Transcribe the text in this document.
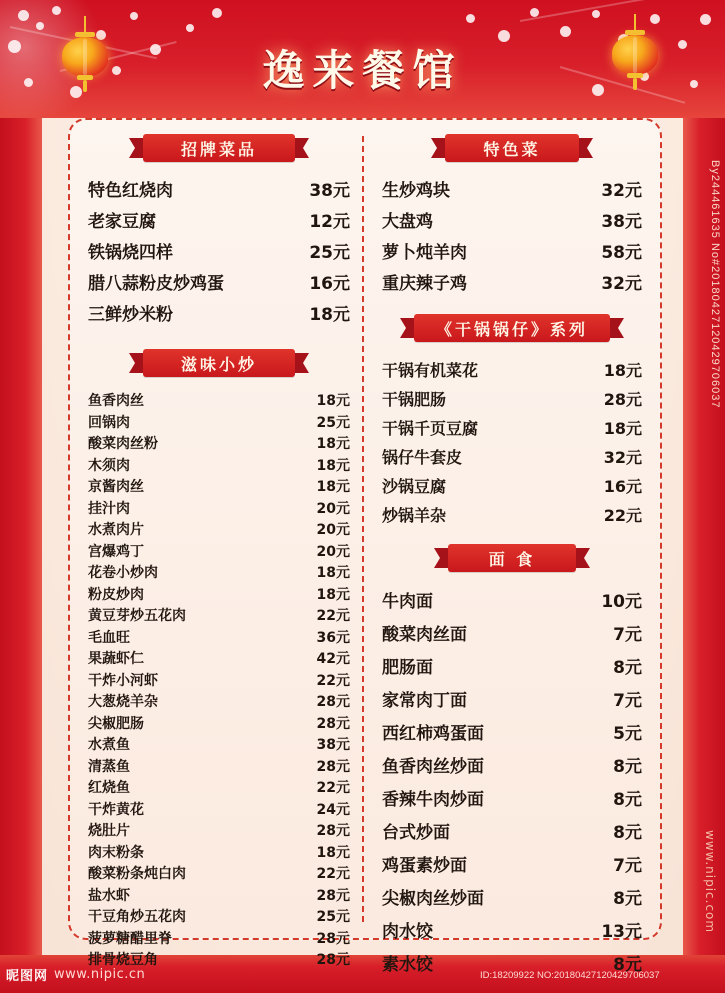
逸来餐馆
招牌菜品
特色红烧肉	38元
老家豆腐	12元
铁锅烧四样	25元
腊八蒜粉皮炒鸡蛋	16元
三鲜炒米粉	18元
滋味小炒
鱼香肉丝	18元
回锅肉	25元
酸菜肉丝粉	18元
木须肉	18元
京酱肉丝	18元
挂汁肉	20元
水煮肉片	20元
宫爆鸡丁	20元
花卷小炒肉	18元
粉皮炒肉	18元
黄豆芽炒五花肉	22元
毛血旺	36元
果蔬虾仁	42元
干炸小河虾	22元
大葱烧羊杂	28元
尖椒肥肠	28元
水煮鱼	38元
清蒸鱼	28元
红烧鱼	22元
干炸黄花	24元
烧肚片	28元
肉末粉条	18元
酸菜粉条炖白肉	22元
盐水虾	28元
干豆角炒五花肉	25元
菠萝糖醋里脊	28元
排骨烧豆角	28元
特色菜
生炒鸡块	32元
大盘鸡	38元
萝卜炖羊肉	58元
重庆辣子鸡	32元
《干锅锅仔》系列
干锅有机菜花	18元
干锅肥肠	28元
干锅千页豆腐	18元
锅仔牛套皮	32元
沙锅豆腐	16元
炒锅羊杂	22元
面 食
牛肉面	10元
酸菜肉丝面	7元
肥肠面	8元
家常肉丁面	7元
西红柿鸡蛋面	5元
鱼香肉丝炒面	8元
香辣牛肉炒面	8元
台式炒面	8元
鸡蛋素炒面	7元
尖椒肉丝炒面	8元
肉水饺	13元
素水饺	8元
By244461635 No#20180427120429706037
www.nipic.com
昵图网 www.nipic.cn	ID:18209922 NO:20180427120429706037
